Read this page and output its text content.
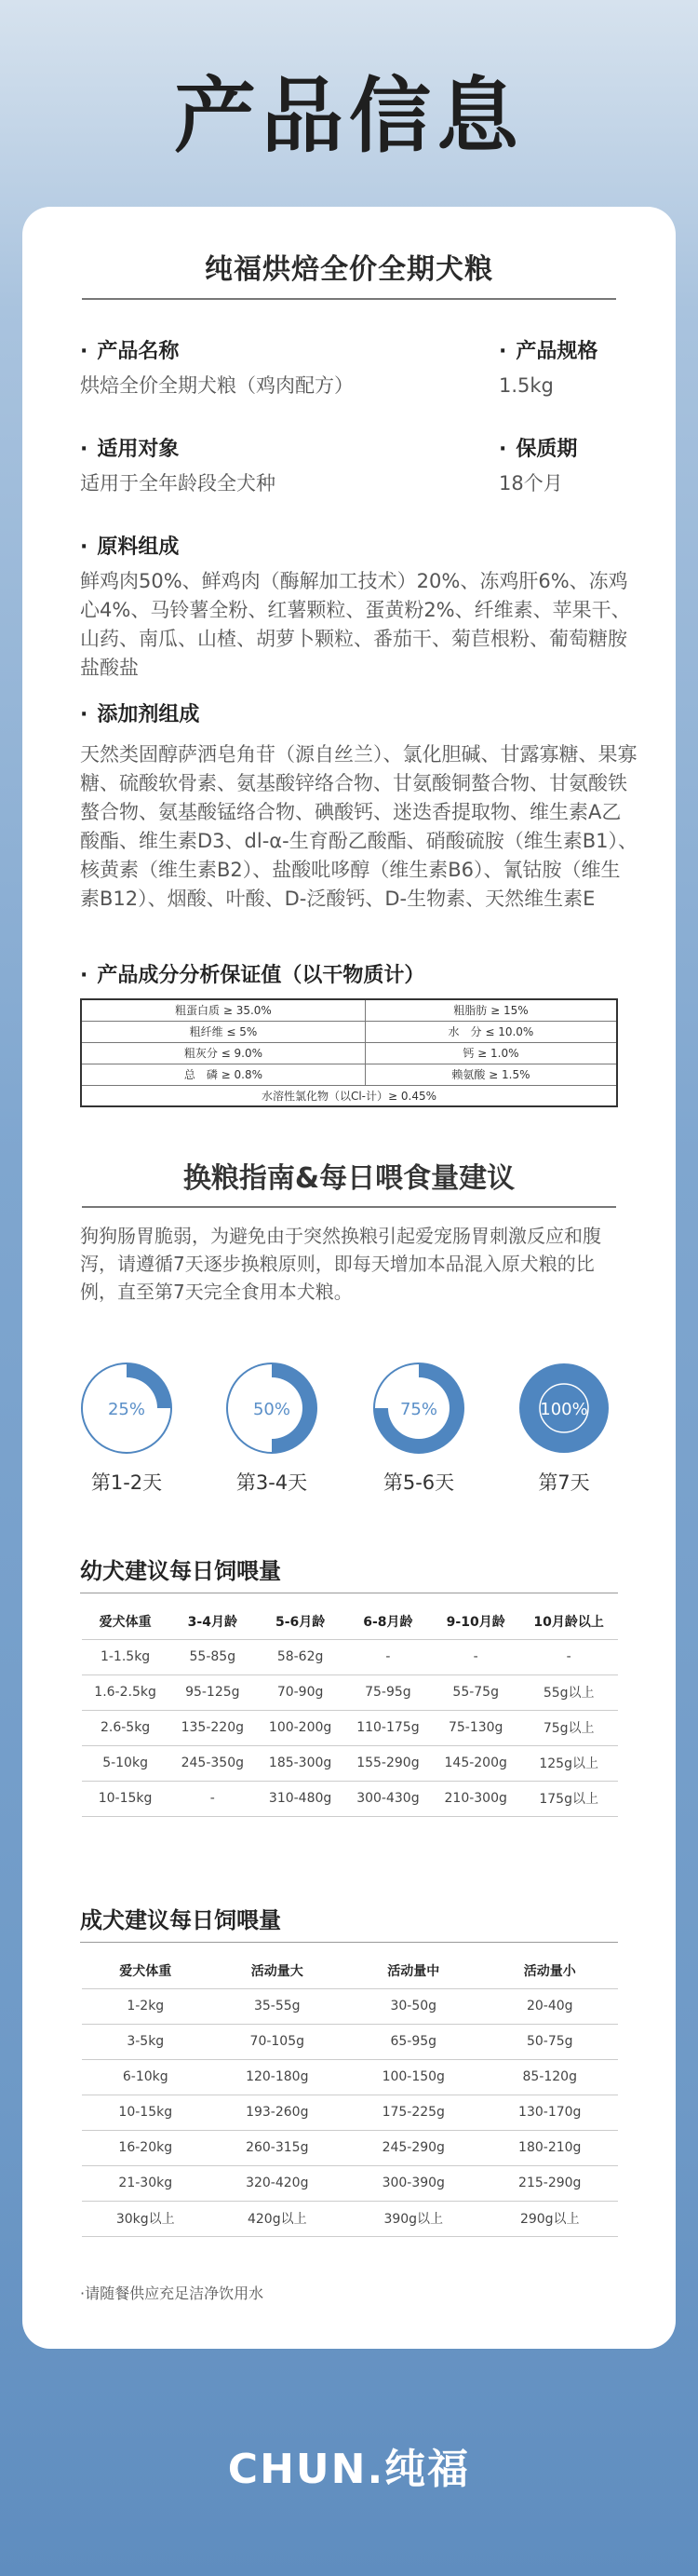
产品信息
纯福烘焙全价全期犬粮
· 产品名称
烘焙全价全期犬粮（鸡肉配方）
· 产品规格
1.5kg
· 适用对象
适用于全年龄段全犬种
· 保质期
18个月
· 原料组成
鲜鸡肉50%、鲜鸡肉（酶解加工技术）20%、冻鸡肝6%、冻鸡心4%、马铃薯全粉、红薯颗粒、蛋黄粉2%、纤维素、苹果干、山药、南瓜、山楂、胡萝卜颗粒、番茄干、菊苣根粉、葡萄糖胺盐酸盐
· 添加剂组成
天然类固醇萨洒皂角苷（源自丝兰）、氯化胆碱、甘露寡糖、果寡糖、硫酸软骨素、氨基酸锌络合物、甘氨酸铜螯合物、甘氨酸铁螯合物、氨基酸锰络合物、碘酸钙、迷迭香提取物、维生素A乙酸酯、维生素D3、dl-α-生育酚乙酸酯、硝酸硫胺（维生素B1）、核黄素（维生素B2）、盐酸吡哆醇（维生素B6）、氰钴胺（维生素B12）、烟酸、叶酸、D-泛酸钙、D-生物素、天然维生素E
· 产品成分分析保证值（以干物质计）
粗蛋白质 ≥ 35.0%	粗脂肪 ≥ 15%
粗纤维 ≤ 5%	水　分 ≤ 10.0%
粗灰分 ≤ 9.0%	钙 ≥ 1.0%
总　磷 ≥ 0.8%	赖氨酸 ≥ 1.5%
水溶性氯化物（以Cl-计）≥ 0.45%	
换粮指南&每日喂食量建议
狗狗肠胃脆弱，为避免由于突然换粮引起爱宠肠胃刺激反应和腹泻，请遵循7天逐步换粮原则，即每天增加本品混入原犬粮的比例，直至第7天完全食用本犬粮。
25%
第1-2天
50%
第3-4天
75%
第5-6天
100%
第7天
幼犬建议每日饲喂量
爱犬体重	3-4月龄	5-6月龄	6-8月龄	9-10月龄	10月龄以上
1-1.5kg	55-85g	58-62g	-	-	-
1.6-2.5kg	95-125g	70-90g	75-95g	55-75g	55g以上
2.6-5kg	135-220g	100-200g	110-175g	75-130g	75g以上
5-10kg	245-350g	185-300g	155-290g	145-200g	125g以上
10-15kg	-	310-480g	300-430g	210-300g	175g以上
成犬建议每日饲喂量
爱犬体重	活动量大	活动量中	活动量小
1-2kg	35-55g	30-50g	20-40g
3-5kg	70-105g	65-95g	50-75g
6-10kg	120-180g	100-150g	85-120g
10-15kg	193-260g	175-225g	130-170g
16-20kg	260-315g	245-290g	180-210g
21-30kg	320-420g	300-390g	215-290g
30kg以上	420g以上	390g以上	290g以上
·请随餐供应充足洁净饮用水
CHUN.纯福
